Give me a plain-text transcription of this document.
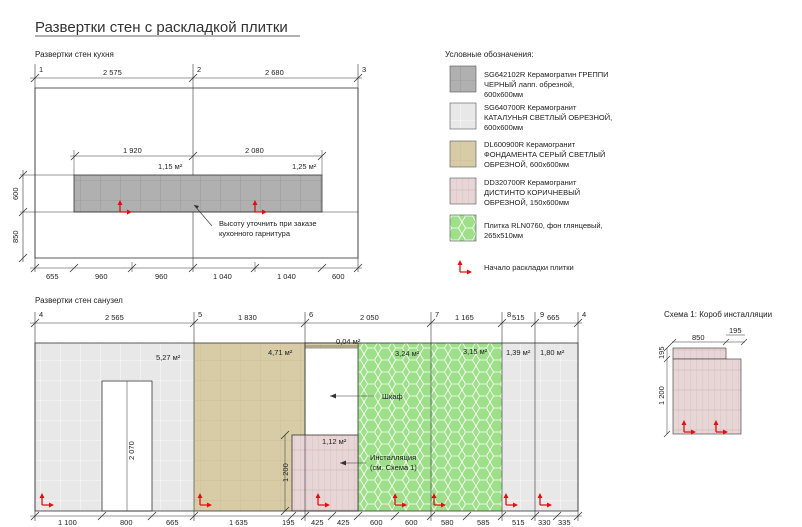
Развертки стен с раскладкой плитки
Развертки стен кухня
1	2	3
2 575	2 680
1 920	2 080
1,15 м²	1,25 м²
600
850
655	960	960	1 040	1 040	600
Высоту уточнить при заказе
кухонного гарнитура
Условные обозначения:
SG642102R Керамогратин ГРЕППИ
ЧЕРНЫЙ лапп. обрезной,
600x600мм
SG640700R Керамогранит
КАТАЛУНЬЯ СВЕТЛЫЙ ОБРЕЗНОЙ,
600x600мм
DL600900R Керамогранит
ФОНДАМЕНТА СЕРЫЙ СВЕТЛЫЙ
ОБРЕЗНОЙ, 600x600мм
DD320700R Керамогранит
ДИСТИНТО КОРИЧНЕВЫЙ
ОБРЕЗНОЙ, 150x600мм
Плитка RLN0760, фон глянцевый,
265x510мм
Начало раскладки плитки
Развертки стен санузел
4	5	6	7	8	9	4
2 565	1 830	2 050	1 165	515	665
5,27 м²
4,71 м²
0,04 м²
3,24 м²	3,15 м² 1,39 м² 1,80 м²
1,12 м²
2 070
1 200
Шкаф
Инсталляция
(см. Схема 1)
1 100	800	665	1 635	195 425 425	600	600	580	585	515 330 335
Схема 1: Короб инсталляции
850
195
195
1 200
